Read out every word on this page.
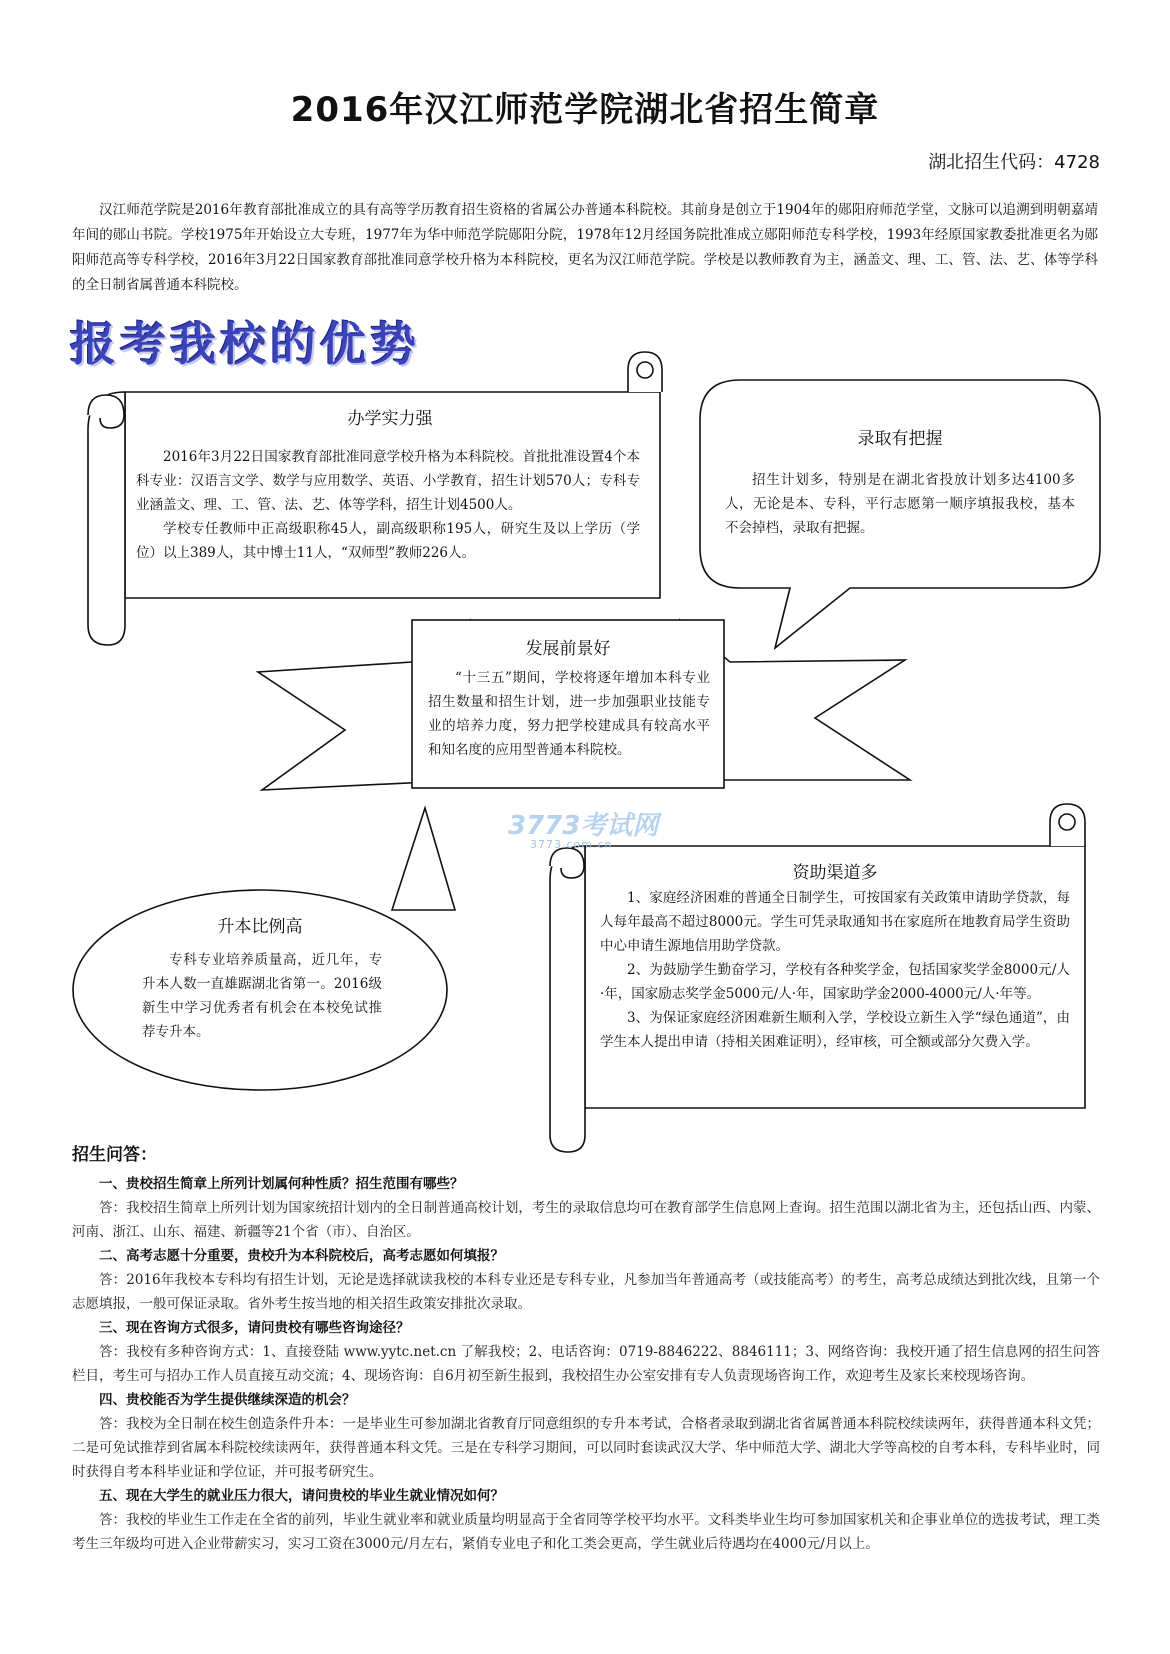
2016年汉江师范学院湖北省招生简章
湖北招生代码：4728
汉江师范学院是2016年教育部批准成立的具有高等学历教育招生资格的省属公办普通本科院校。其前身是创立于1904年的郧阳府师范学堂，文脉可以追溯到明朝嘉靖年间的郧山书院。学校1975年开始设立大专班，1977年为华中师范学院郧阳分院，1978年12月经国务院批准成立郧阳师范专科学校，1993年经原国家教委批准更名为郧阳师范高等专科学校，2016年3月22日国家教育部批准同意学校升格为本科院校，更名为汉江师范学院。学校是以教师教育为主，涵盖文、理、工、管、法、艺、体等学科的全日制省属普通本科院校。
报考我校的优势
办学实力强

2016年3月22日国家教育部批准同意学校升格为本科院校。首批批准设置4个本科专业：汉语言文学、数学与应用数学、英语、小学教育，招生计划570人；专科专业涵盖文、理、工、管、法、艺、体等学科，招生计划4500人。

学校专任教师中正高级职称45人，副高级职称195人，研究生及以上学历（学位）以上389人，其中博士11人，“双师型”教师226人。

录取有把握

招生计划多，特别是在湖北省投放计划多达4100多人，无论是本、专科，平行志愿第一顺序填报我校，基本不会掉档，录取有把握。

发展前景好

“十三五”期间，学校将逐年增加本科专业招生数量和招生计划，进一步加强职业技能专业的培养力度，努力把学校建成具有较高水平和知名度的应用型普通本科院校。

3773考试网
3773.com.cn
升本比例高

专科专业培养质量高，近几年，专升本人数一直雄踞湖北省第一。2016级新生中学习优秀者有机会在本校免试推荐专升本。

资助渠道多

1、家庭经济困难的普通全日制学生，可按国家有关政策申请助学贷款，每人每年最高不超过8000元。学生可凭录取通知书在家庭所在地教育局学生资助中心申请生源地信用助学贷款。

2、为鼓励学生勤奋学习，学校有各种奖学金，包括国家奖学金8000元/人·年，国家励志奖学金5000元/人·年，国家助学金2000-4000元/人·年等。

3、为保证家庭经济困难新生顺利入学，学校设立新生入学“绿色通道”，由学生本人提出申请（持相关困难证明），经审核，可全额或部分欠费入学。

招生问答：
一、贵校招生简章上所列计划属何种性质？招生范围有哪些？
答：我校招生简章上所列计划为国家统招计划内的全日制普通高校计划，考生的录取信息均可在教育部学生信息网上查询。招生范围以湖北省为主，还包括山西、内蒙、河南、浙江、山东、福建、新疆等21个省（市）、自治区。
二、高考志愿十分重要，贵校升为本科院校后，高考志愿如何填报？
答：2016年我校本专科均有招生计划，无论是选择就读我校的本科专业还是专科专业，凡参加当年普通高考（或技能高考）的考生，高考总成绩达到批次线，且第一个志愿填报，一般可保证录取。省外考生按当地的相关招生政策安排批次录取。
三、现在咨询方式很多，请问贵校有哪些咨询途径？
答：我校有多种咨询方式：1、直接登陆 www.yytc.net.cn 了解我校；2、电话咨询：0719-8846222、8846111；3、网络咨询：我校开通了招生信息网的招生问答栏目，考生可与招办工作人员直接互动交流；4、现场咨询：自6月初至新生报到，我校招生办公室安排有专人负责现场咨询工作，欢迎考生及家长来校现场咨询。
四、贵校能否为学生提供继续深造的机会？
答：我校为全日制在校生创造条件升本：一是毕业生可参加湖北省教育厅同意组织的专升本考试，合格者录取到湖北省省属普通本科院校续读两年，获得普通本科文凭；二是可免试推荐到省属本科院校续读两年，获得普通本科文凭。三是在专科学习期间，可以同时套读武汉大学、华中师范大学、湖北大学等高校的自考本科，专科毕业时，同时获得自考本科毕业证和学位证，并可报考研究生。
五、现在大学生的就业压力很大，请问贵校的毕业生就业情况如何？
答：我校的毕业生工作走在全省的前列，毕业生就业率和就业质量均明显高于全省同等学校平均水平。文科类毕业生均可参加国家机关和企事业单位的选拔考试，理工类考生三年级均可进入企业带薪实习，实习工资在3000元/月左右，紧俏专业电子和化工类会更高，学生就业后待遇均在4000元/月以上。
